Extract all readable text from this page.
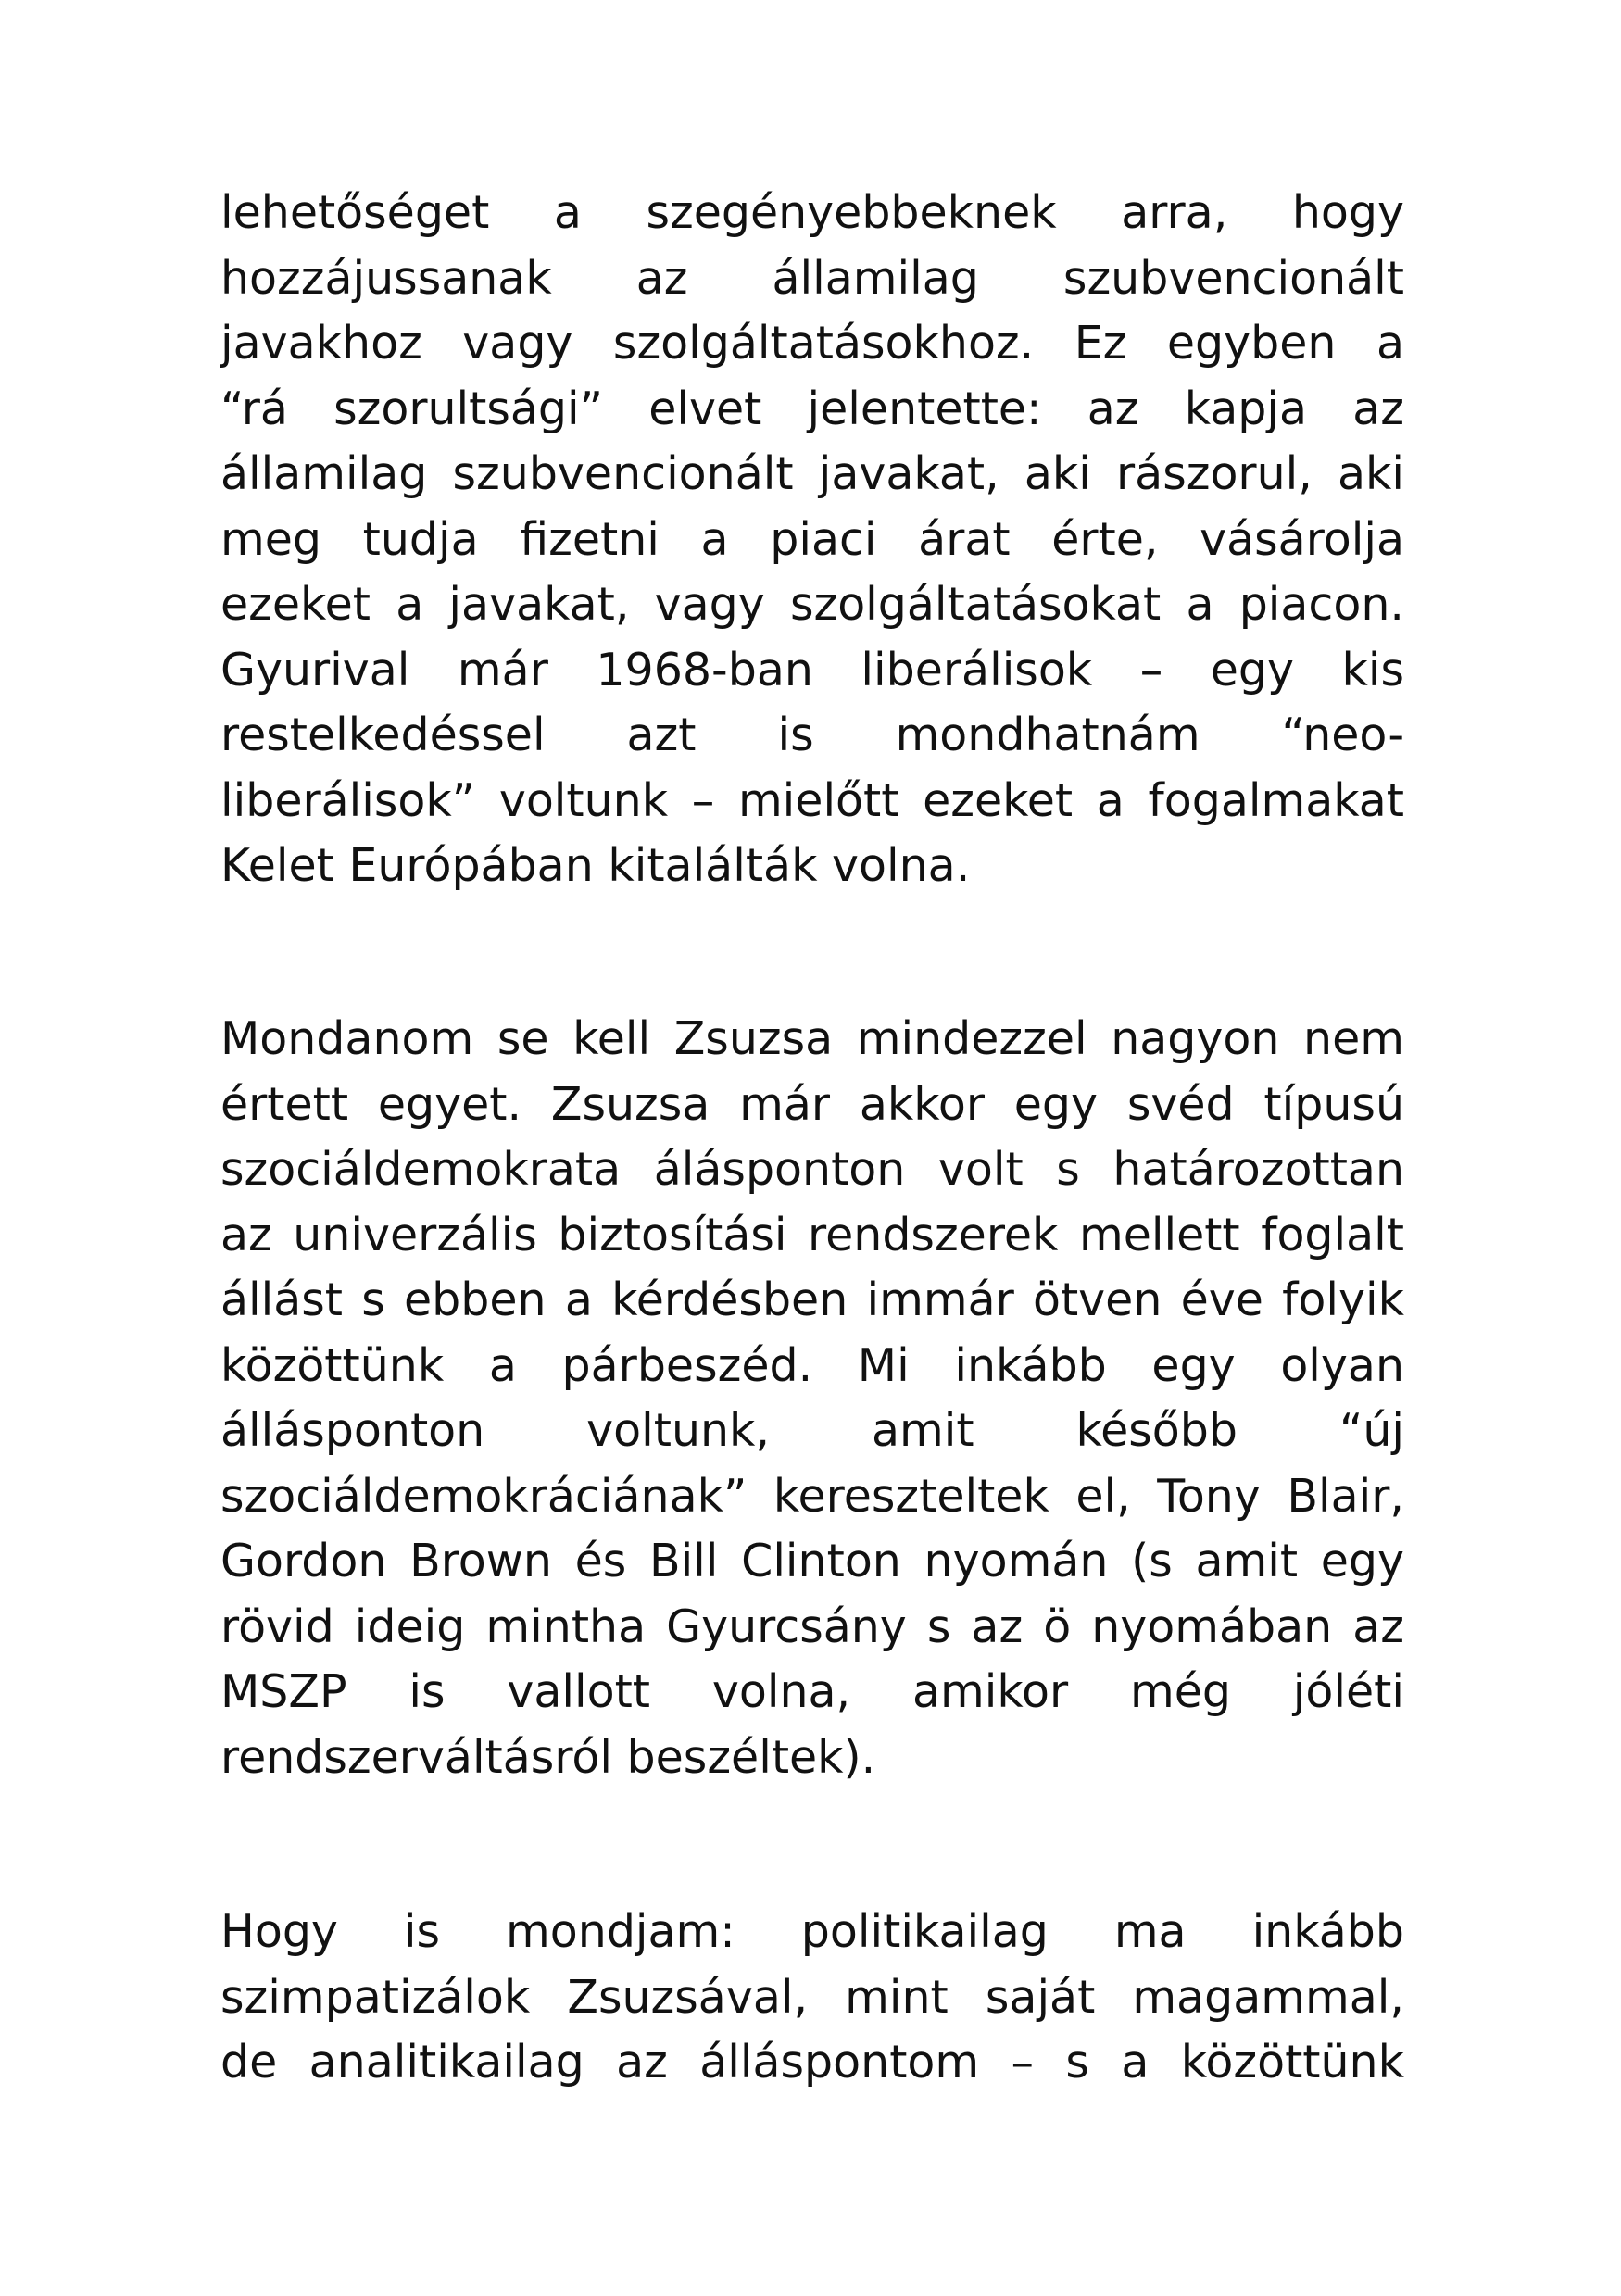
lehetőséget a szegényebbeknek arra, hogy
hozzájussanak az államilag szubvencionált
javakhoz vagy szolgáltatásokhoz. Ez egyben a
“rá szorultsági” elvet jelentette: az kapja az
államilag szubvencionált javakat, aki rászorul, aki
meg tudja fizetni a piaci árat érte, vásárolja
ezeket a javakat, vagy szolgáltatásokat a piacon.
Gyurival már 1968-ban liberálisok – egy kis
restelkedéssel azt is mondhatnám “neo-
liberálisok” voltunk – mielőtt ezeket a fogalmakat
Kelet Európában kitalálták volna.
Mondanom se kell Zsuzsa mindezzel nagyon nem
értett egyet. Zsuzsa már akkor egy svéd típusú
szociáldemokrata álásponton volt s határozottan
az univerzális biztosítási rendszerek mellett foglalt
állást s ebben a kérdésben immár ötven éve folyik
közöttünk a párbeszéd. Mi inkább egy olyan
állásponton voltunk, amit később “új
szociáldemokráciának” kereszteltek el, Tony Blair,
Gordon Brown és Bill Clinton nyomán (s amit egy
rövid ideig mintha Gyurcsány s az ö nyomában az
MSZP is vallott volna, amikor még jóléti
rendszerváltásról beszéltek).
Hogy is mondjam: politikailag ma inkább
szimpatizálok Zsuzsával, mint saját magammal,
de analitikailag az álláspontom – s a közöttünk
